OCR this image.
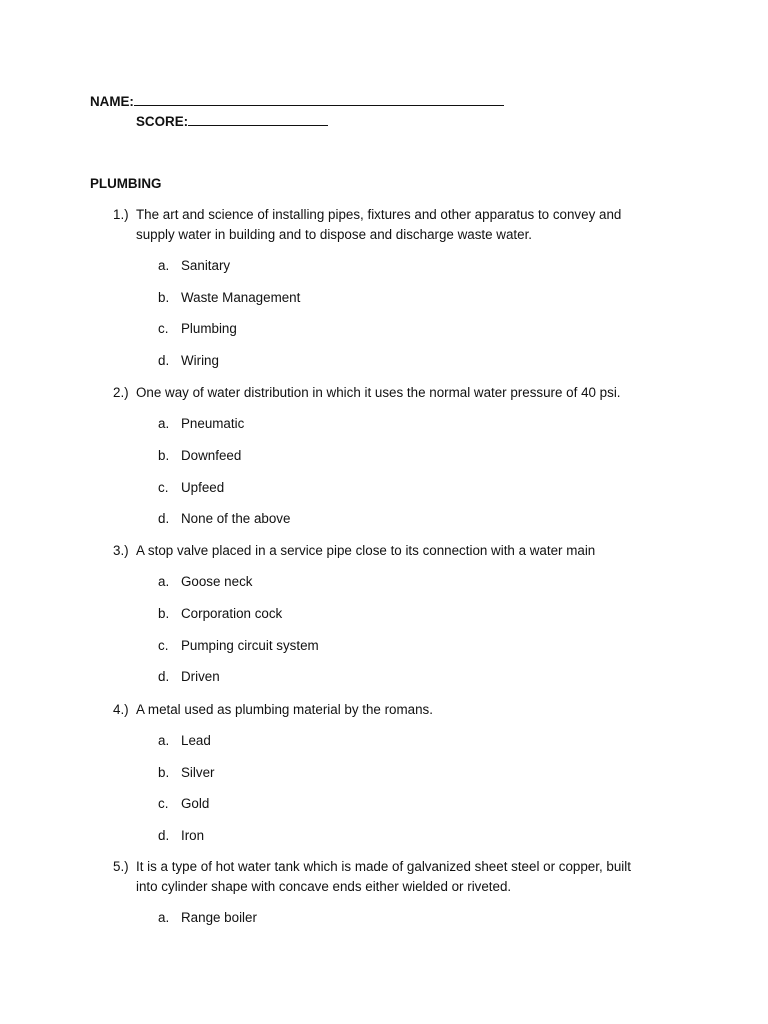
NAME:
SCORE:
PLUMBING
1.) The art and science of installing pipes, fixtures and other apparatus to convey and supply water in building and to dispose and discharge waste water.
a. Sanitary
b. Waste Management
c. Plumbing
d. Wiring
2.) One way of water distribution in which it uses the normal water pressure of 40 psi.
a. Pneumatic
b. Downfeed
c. Upfeed
d. None of the above
3.) A stop valve placed in a service pipe close to its connection with a water main
a. Goose neck
b. Corporation cock
c. Pumping circuit system
d. Driven
4.) A metal used as plumbing material by the romans.
a. Lead
b. Silver
c. Gold
d. Iron
5.) It is a type of hot water tank which is made of galvanized sheet steel or copper, built into cylinder shape with concave ends either wielded or riveted.
a. Range boiler
